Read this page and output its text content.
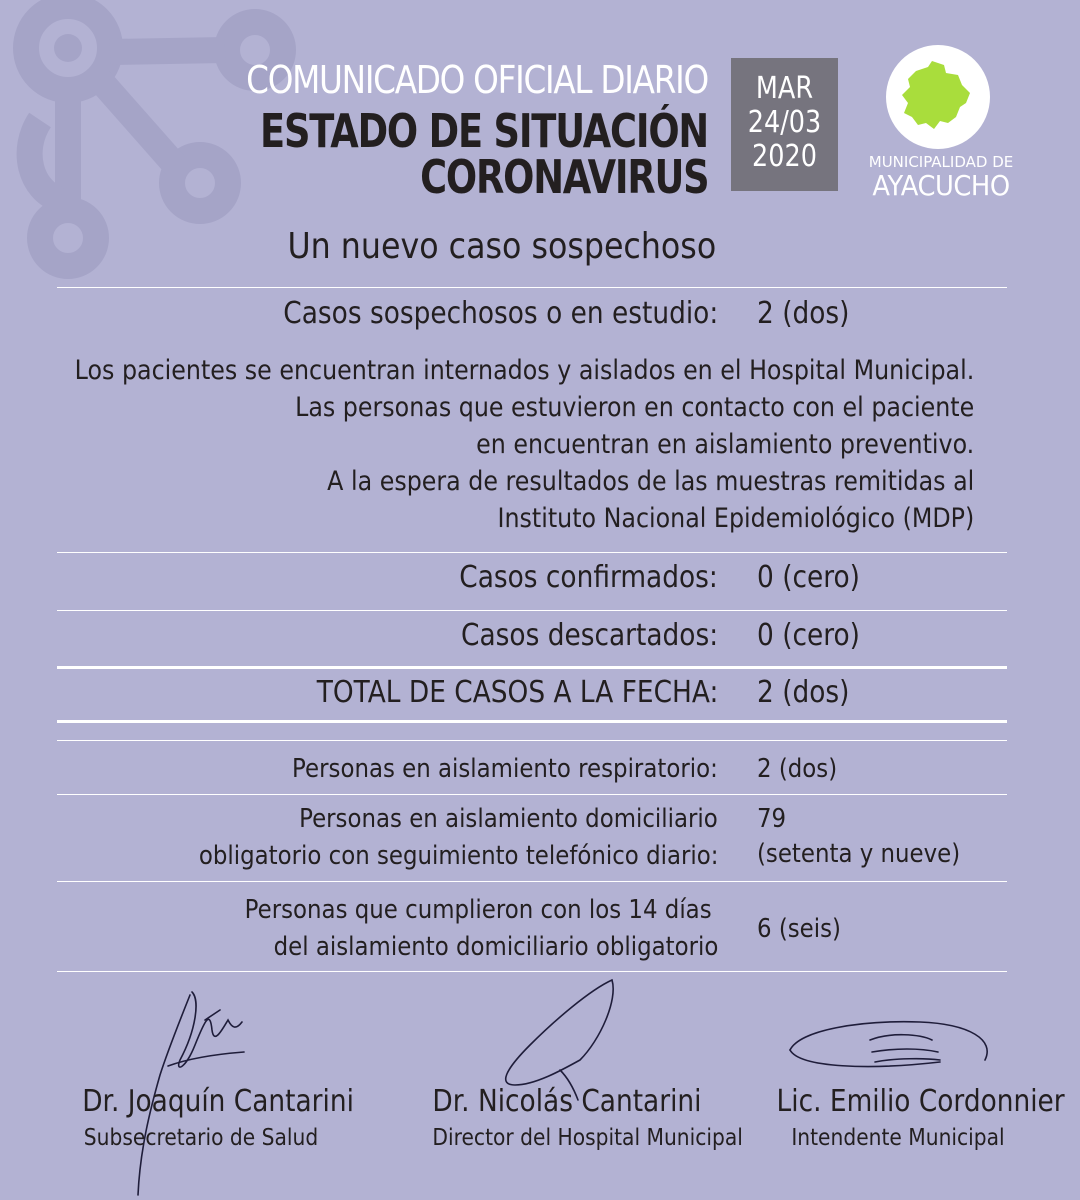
COMUNICADO OFICIAL DIARIO
ESTADO DE SITUACIÓN
CORONAVIRUS
MAR
24/03
2020	MUNICIPALIDAD DE
AYACUCHO
Un nuevo caso sospechoso
Casos sospechosos o en estudio: 2 (dos)
Los pacientes se encuentran internados y aislados en el Hospital Municipal.
Las personas que estuvieron en contacto con el paciente
en encuentran en aislamiento preventivo.
A la espera de resultados de las muestras remitidas al
Instituto Nacional Epidemiológico (MDP)
Casos confirmados: 0 (cero)
Casos descartados: 0 (cero)
TOTAL DE CASOS A LA FECHA: 2 (dos)
Personas en aislamiento respiratorio: 2 (dos)
Personas en aislamiento domiciliario
obligatorio con seguimiento telefónico diario:
79
(setenta y nueve)
Personas que cumplieron con los 14 días
del aislamiento domiciliario obligatorio
6 (seis)
Dr. Joaquín Cantarini
Subsecretario de Salud
Dr. Nicolás Cantarini
Director del Hospital Municipal
Lic. Emilio Cordonnier
Intendente Municipal
